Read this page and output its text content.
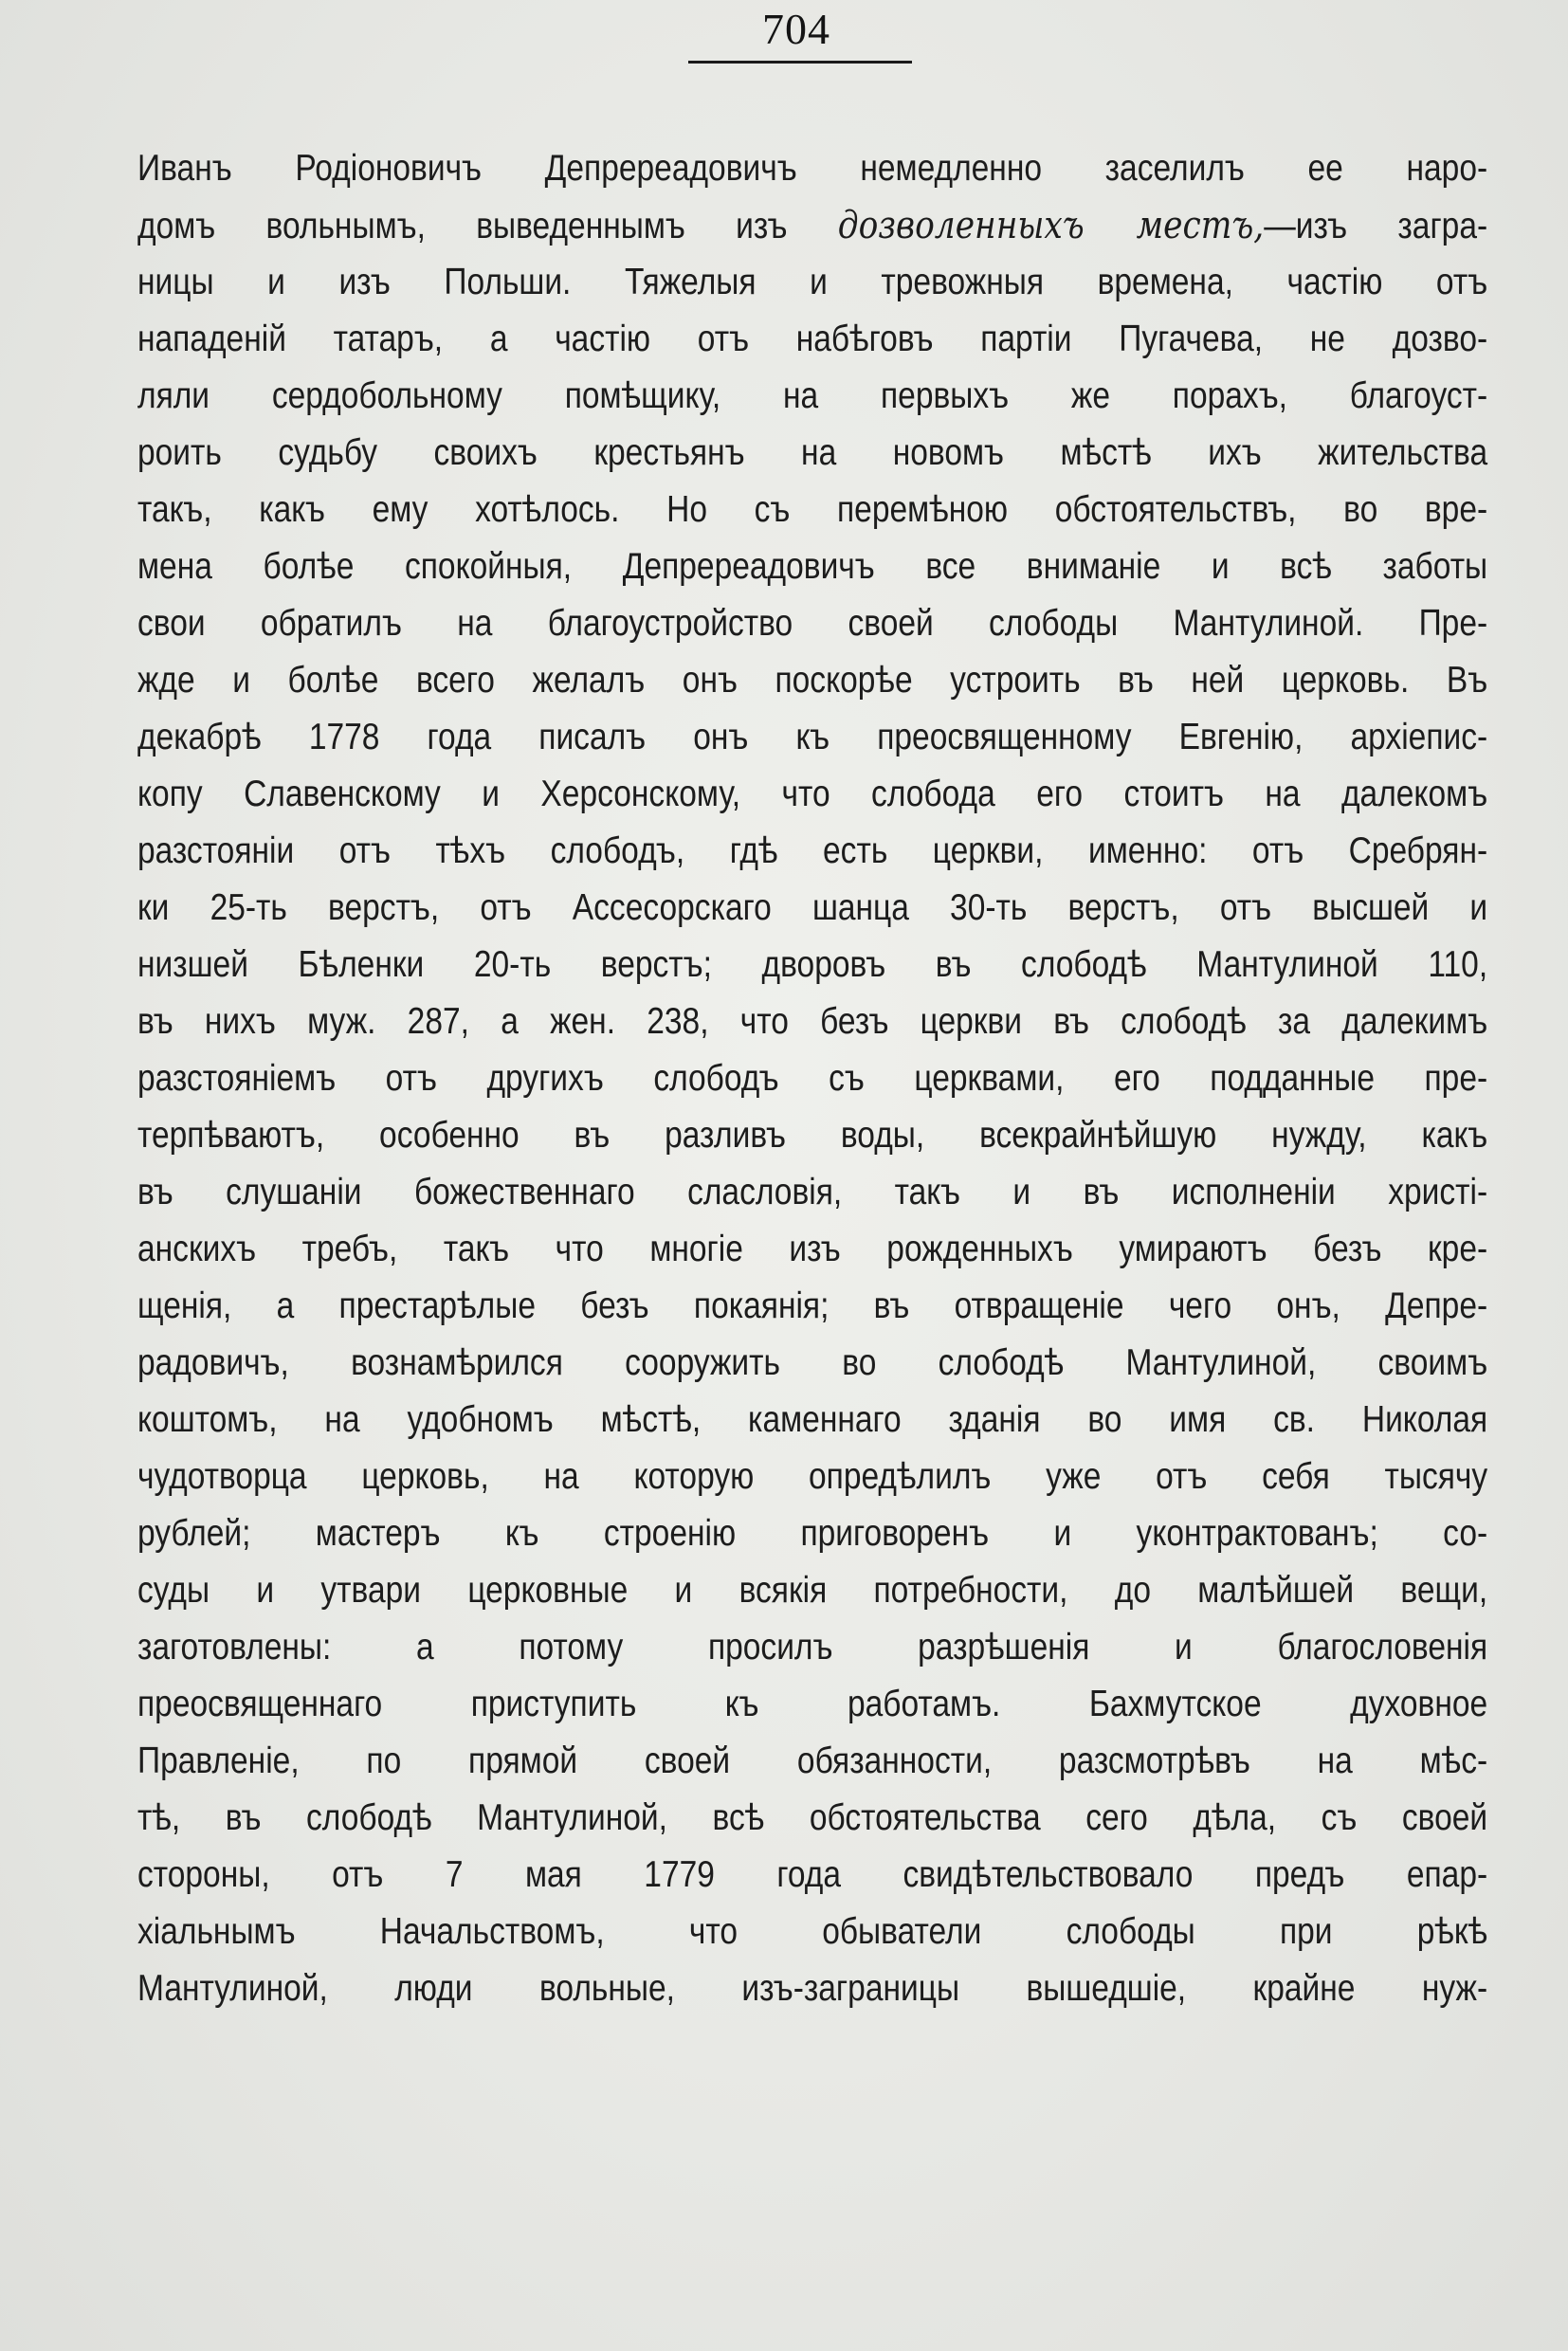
704
Иванъ Родіоновичъ Депререадовичъ немедленно заселилъ ее наро-
домъ вольнымъ, выведеннымъ изъ дозволенныхъ местъ,—изъ загра-
ницы и изъ Польши. Тяжелыя и тревожныя времена, частію отъ
нападеній татаръ, а частію отъ набѣговъ партіи Пугачева, не дозво-
ляли сердобольному помѣщику, на первыхъ же порахъ, благоуст-
роить судьбу своихъ крестьянъ на новомъ мѣстѣ ихъ жительства
такъ, какъ ему хотѣлось. Но съ перемѣною обстоятельствъ, во вре-
мена болѣе спокойныя, Депререадовичъ все вниманіе и всѣ заботы
свои обратилъ на благоустройство своей слободы Мантулиной. Пре-
жде и болѣе всего желалъ онъ поскорѣе устроить въ ней церковь. Въ
декабрѣ 1778 года писалъ онъ къ преосвященному Евгенію, архіепис-
копу Славенскому и Херсонскому, что слобода его стоитъ на далекомъ
разстояніи отъ тѣхъ слободъ, гдѣ есть церкви, именно: отъ Сребрян-
ки 25-ть верстъ, отъ Ассесорскаго шанца 30-ть верстъ, отъ высшей и
низшей Бѣленки 20-ть верстъ; дворовъ въ слободѣ Мантулиной 110,
въ нихъ муж. 287, а жен. 238, что безъ церкви въ слободѣ за далекимъ
разстояніемъ отъ другихъ слободъ съ церквами, его подданные пре-
терпѣваютъ, особенно въ разливъ воды, всекрайнѣйшую нужду, какъ
въ слушаніи божественнаго сласловія, такъ и въ исполненіи христі-
анскихъ требъ, такъ что многіе изъ рожденныхъ умираютъ безъ кре-
щенія, а престарѣлые безъ покаянія; въ отвращеніе чего онъ, Депре-
радовичъ, вознамѣрился сооружить во слободѣ Мантулиной, своимъ
коштомъ, на удобномъ мѣстѣ, каменнаго зданія во имя св. Николая
чудотворца церковь, на которую опредѣлилъ уже отъ себя тысячу
рублей; мастеръ къ строенію приговоренъ и уконтрактованъ; со-
суды и утвари церковные и всякія потребности, до малѣйшей вещи,
заготовлены: а потому просилъ разрѣшенія и благословенія
преосвященнаго приступить къ работамъ. Бахмутское духовное
Правленіе, по прямой своей обязанности, разсмотрѣвъ на мѣс-
тѣ, въ слободѣ Мантулиной, всѣ обстоятельства сего дѣла, съ своей
стороны, отъ 7 мая 1779 года свидѣтельствовало предъ епар-
хіальнымъ Начальствомъ, что обыватели слободы при рѣкѣ
Мантулиной, люди вольные, изъ-заграницы вышедшіе, крайне нуж-
